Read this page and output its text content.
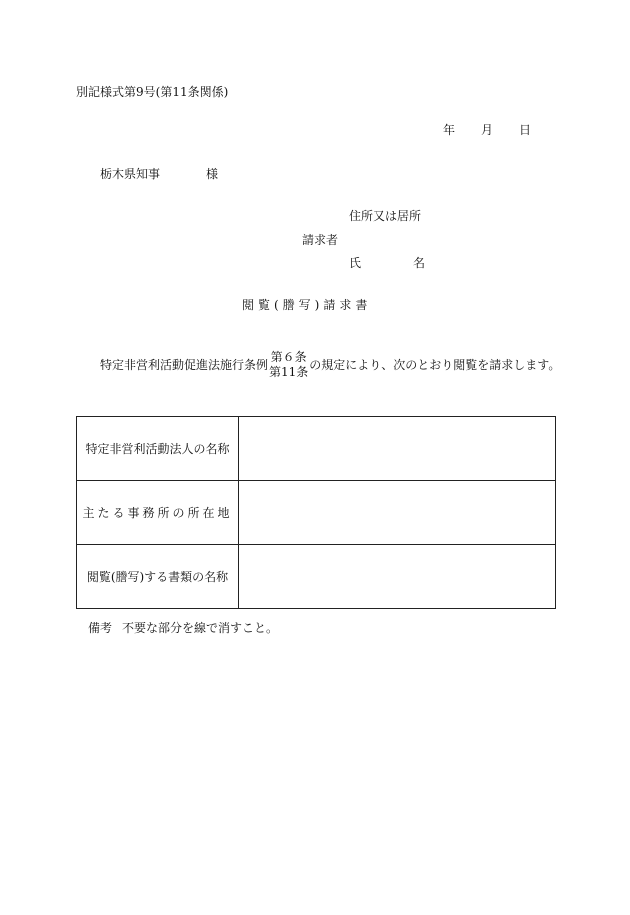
別記様式第9号(第11条関係)
年 月 日
栃木県知事	様
住所又は居所
請求者
氏	名
閲覧(謄写)請求書
特定非営利活動促進法施行条例
第６条
第11条 の規定により、次のとおり閲覧を請求します。
特定非営利活動法人の名称	
主たる事務所の所在地	
閲覧(謄写)する書類の名称	
備考 不要な部分を線で消すこと。
